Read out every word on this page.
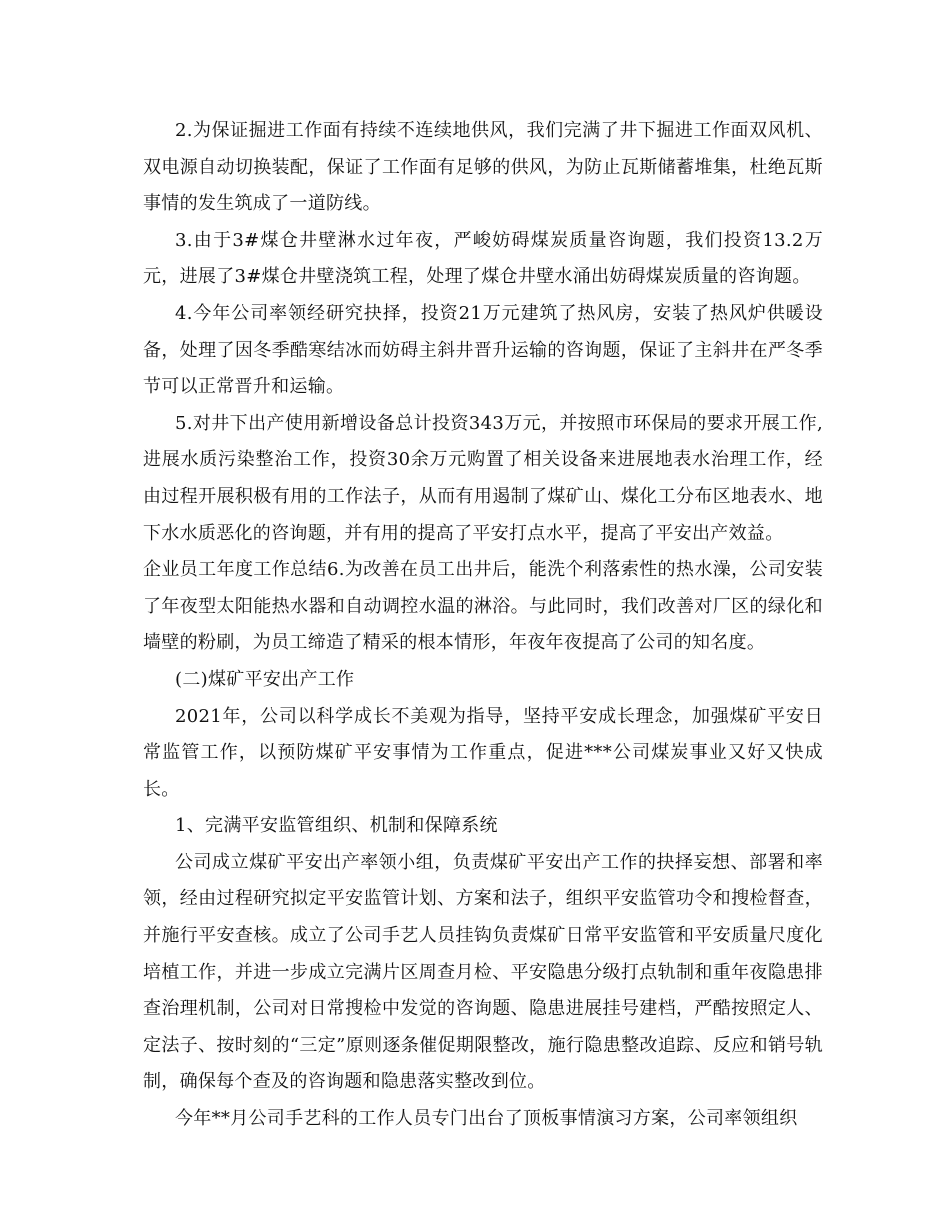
2.为保证掘进工作面有持续不连续地供风，我们完满了井下掘进工作面双风机、双电源自动切换装配，保证了工作面有足够的供风，为防止瓦斯储蓄堆集，杜绝瓦斯事情的发生筑成了一道防线。

3.由于3#煤仓井壁淋水过年夜，严峻妨碍煤炭质量咨询题，我们投资13.2万元，进展了3#煤仓井壁浇筑工程，处理了煤仓井壁水涌出妨碍煤炭质量的咨询题。

4.今年公司率领经研究抉择，投资21万元建筑了热风房，安装了热风炉供暖设备，处理了因冬季酷寒结冰而妨碍主斜井晋升运输的咨询题，保证了主斜井在严冬季节可以正常晋升和运输。

5.对井下出产使用新增设备总计投资343万元，并按照市环保局的要求开展工作,进展水质污染整治工作，投资30余万元购置了相关设备来进展地表水治理工作，经由过程开展积极有用的工作法子，从而有用遏制了煤矿山、煤化工分布区地表水、地下水水质恶化的咨询题，并有用的提高了平安打点水平，提高了平安出产效益。

企业员工年度工作总结6.为改善在员工出井后，能洗个利落索性的热水澡，公司安装了年夜型太阳能热水器和自动调控水温的淋浴。与此同时，我们改善对厂区的绿化和墙壁的粉刷，为员工缔造了精采的根本情形，年夜年夜提高了公司的知名度。

(二)煤矿平安出产工作

2021年，公司以科学成长不美观为指导，坚持平安成长理念，加强煤矿平安日常监管工作，以预防煤矿平安事情为工作重点，促进***公司煤炭事业又好又快成长。

1、完满平安监管组织、机制和保障系统

公司成立煤矿平安出产率领小组，负责煤矿平安出产工作的抉择妄想、部署和率领，经由过程研究拟定平安监管计划、方案和法子，组织平安监管功令和搜检督查，并施行平安查核。成立了公司手艺人员挂钩负责煤矿日常平安监管和平安质量尺度化培植工作，并进一步成立完满片区周查月检、平安隐患分级打点轨制和重年夜隐患排查治理机制，公司对日常搜检中发觉的咨询题、隐患进展挂号建档，严酷按照定人、定法子、按时刻的“三定”原则逐条催促期限整改，施行隐患整改追踪、反应和销号轨制，确保每个查及的咨询题和隐患落实整改到位。

今年**月公司手艺科的工作人员专门出台了顶板事情演习方案，公司率领组织
